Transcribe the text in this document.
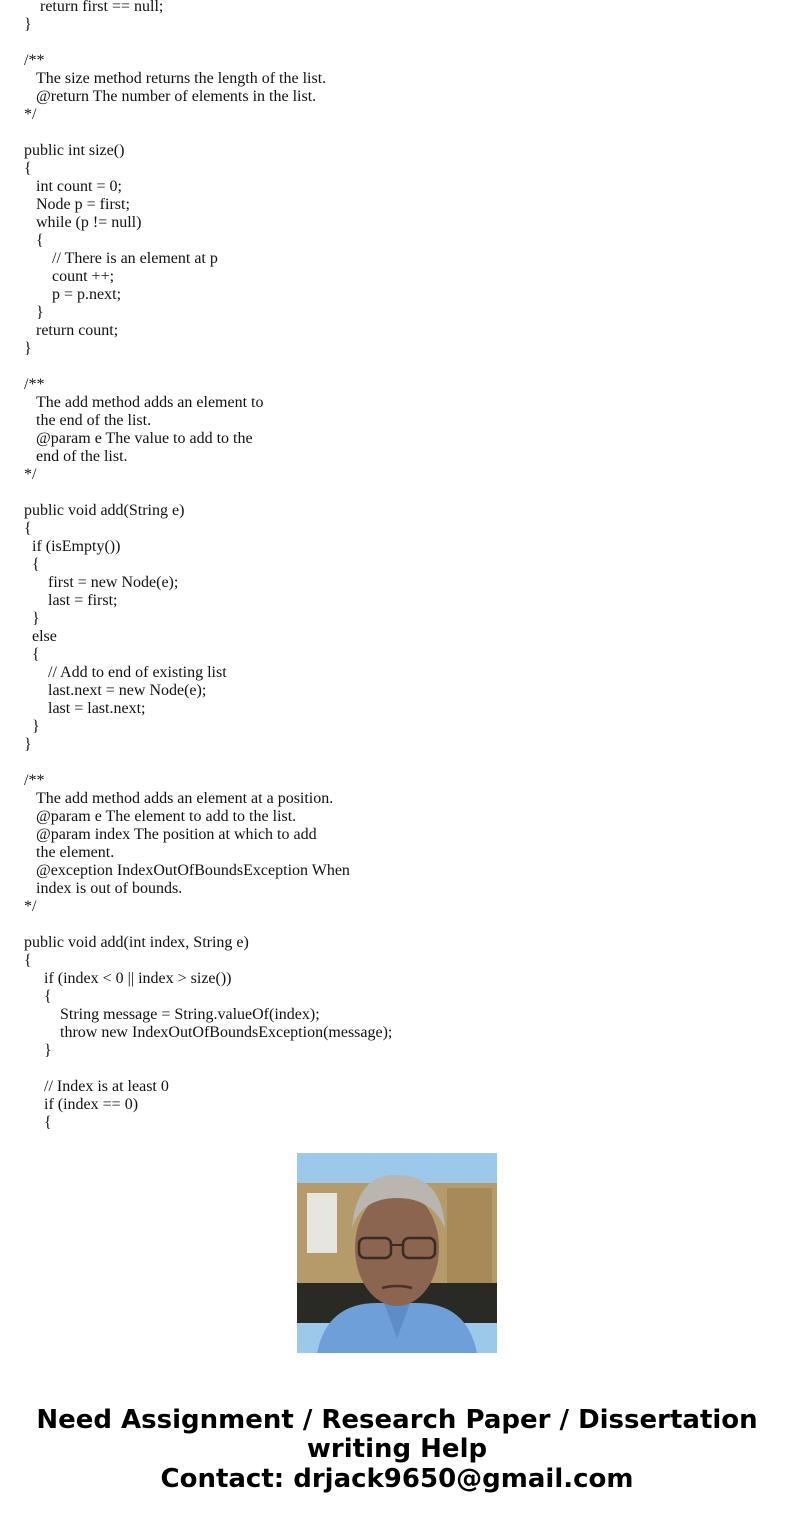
return first == null;
}
/**
The size method returns the length of the list.
@return The number of elements in the list.
*/
public int size()
{
int count = 0;
Node p = first;
while (p != null)
{
// There is an element at p
count ++;
p = p.next;
}
return count;
}
/**
The add method adds an element to
the end of the list.
@param e The value to add to the
end of the list.
*/
public void add(String e)
{
if (isEmpty())
{
first = new Node(e);
last = first;
}
else
{
// Add to end of existing list
last.next = new Node(e);
last = last.next;
}
}
/**
The add method adds an element at a position.
@param e The element to add to the list.
@param index The position at which to add
the element.
@exception IndexOutOfBoundsException When
index is out of bounds.
*/
public void add(int index, String e)
{
if (index < 0 || index > size())
{
String message = String.valueOf(index);
throw new IndexOutOfBoundsException(message);
}
// Index is at least 0
if (index == 0)
{
Need Assignment / Research Paper / Dissertation
writing Help
Contact: drjack9650@gmail.com
